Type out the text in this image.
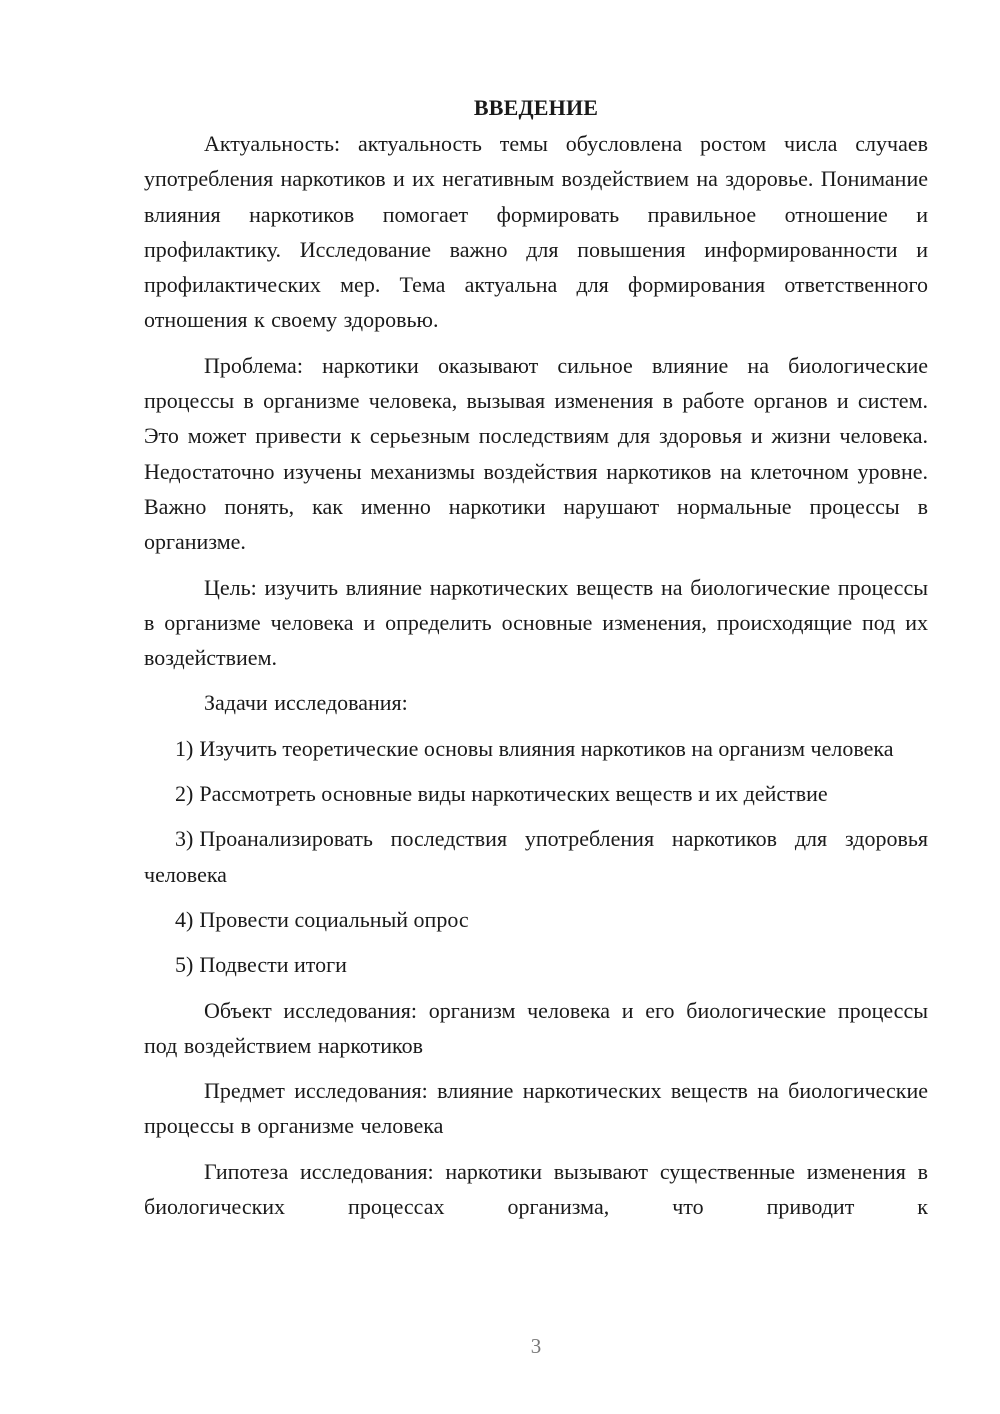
ВВЕДЕНИЕ

Актуальность: актуальность темы обусловлена ростом числа случаев употребления наркотиков и их негативным воздействием на здоровье. Понимание влияния наркотиков помогает формировать правильное отношение и профилактику. Исследование важно для повышения информированности и профилактических мер. Тема актуальна для формирования ответственного отношения к своему здоровью.

Проблема: наркотики оказывают сильное влияние на биологические процессы в организме человека, вызывая изменения в работе органов и систем. Это может привести к серьезным последствиям для здоровья и жизни человека. Недостаточно изучены механизмы воздействия наркотиков на клеточном уровне. Важно понять, как именно наркотики нарушают нормальные процессы в организме.

Цель: изучить влияние наркотических веществ на биологические процессы в организме человека и определить основные изменения, происходящие под их воздействием.

Задачи исследования:

1) Изучить теоретические основы влияния наркотиков на организм человека

2) Рассмотреть основные виды наркотических веществ и их действие

3) Проанализировать последствия употребления наркотиков для здоровья человека

4) Провести социальный опрос

5) Подвести итоги

Объект исследования: организм человека и его биологические процессы под воздействием наркотиков

Предмет исследования: влияние наркотических веществ на биологические процессы в организме человека

Гипотеза исследования: наркотики вызывают существенные изменения в биологических процессах организма, что приводит к

3
